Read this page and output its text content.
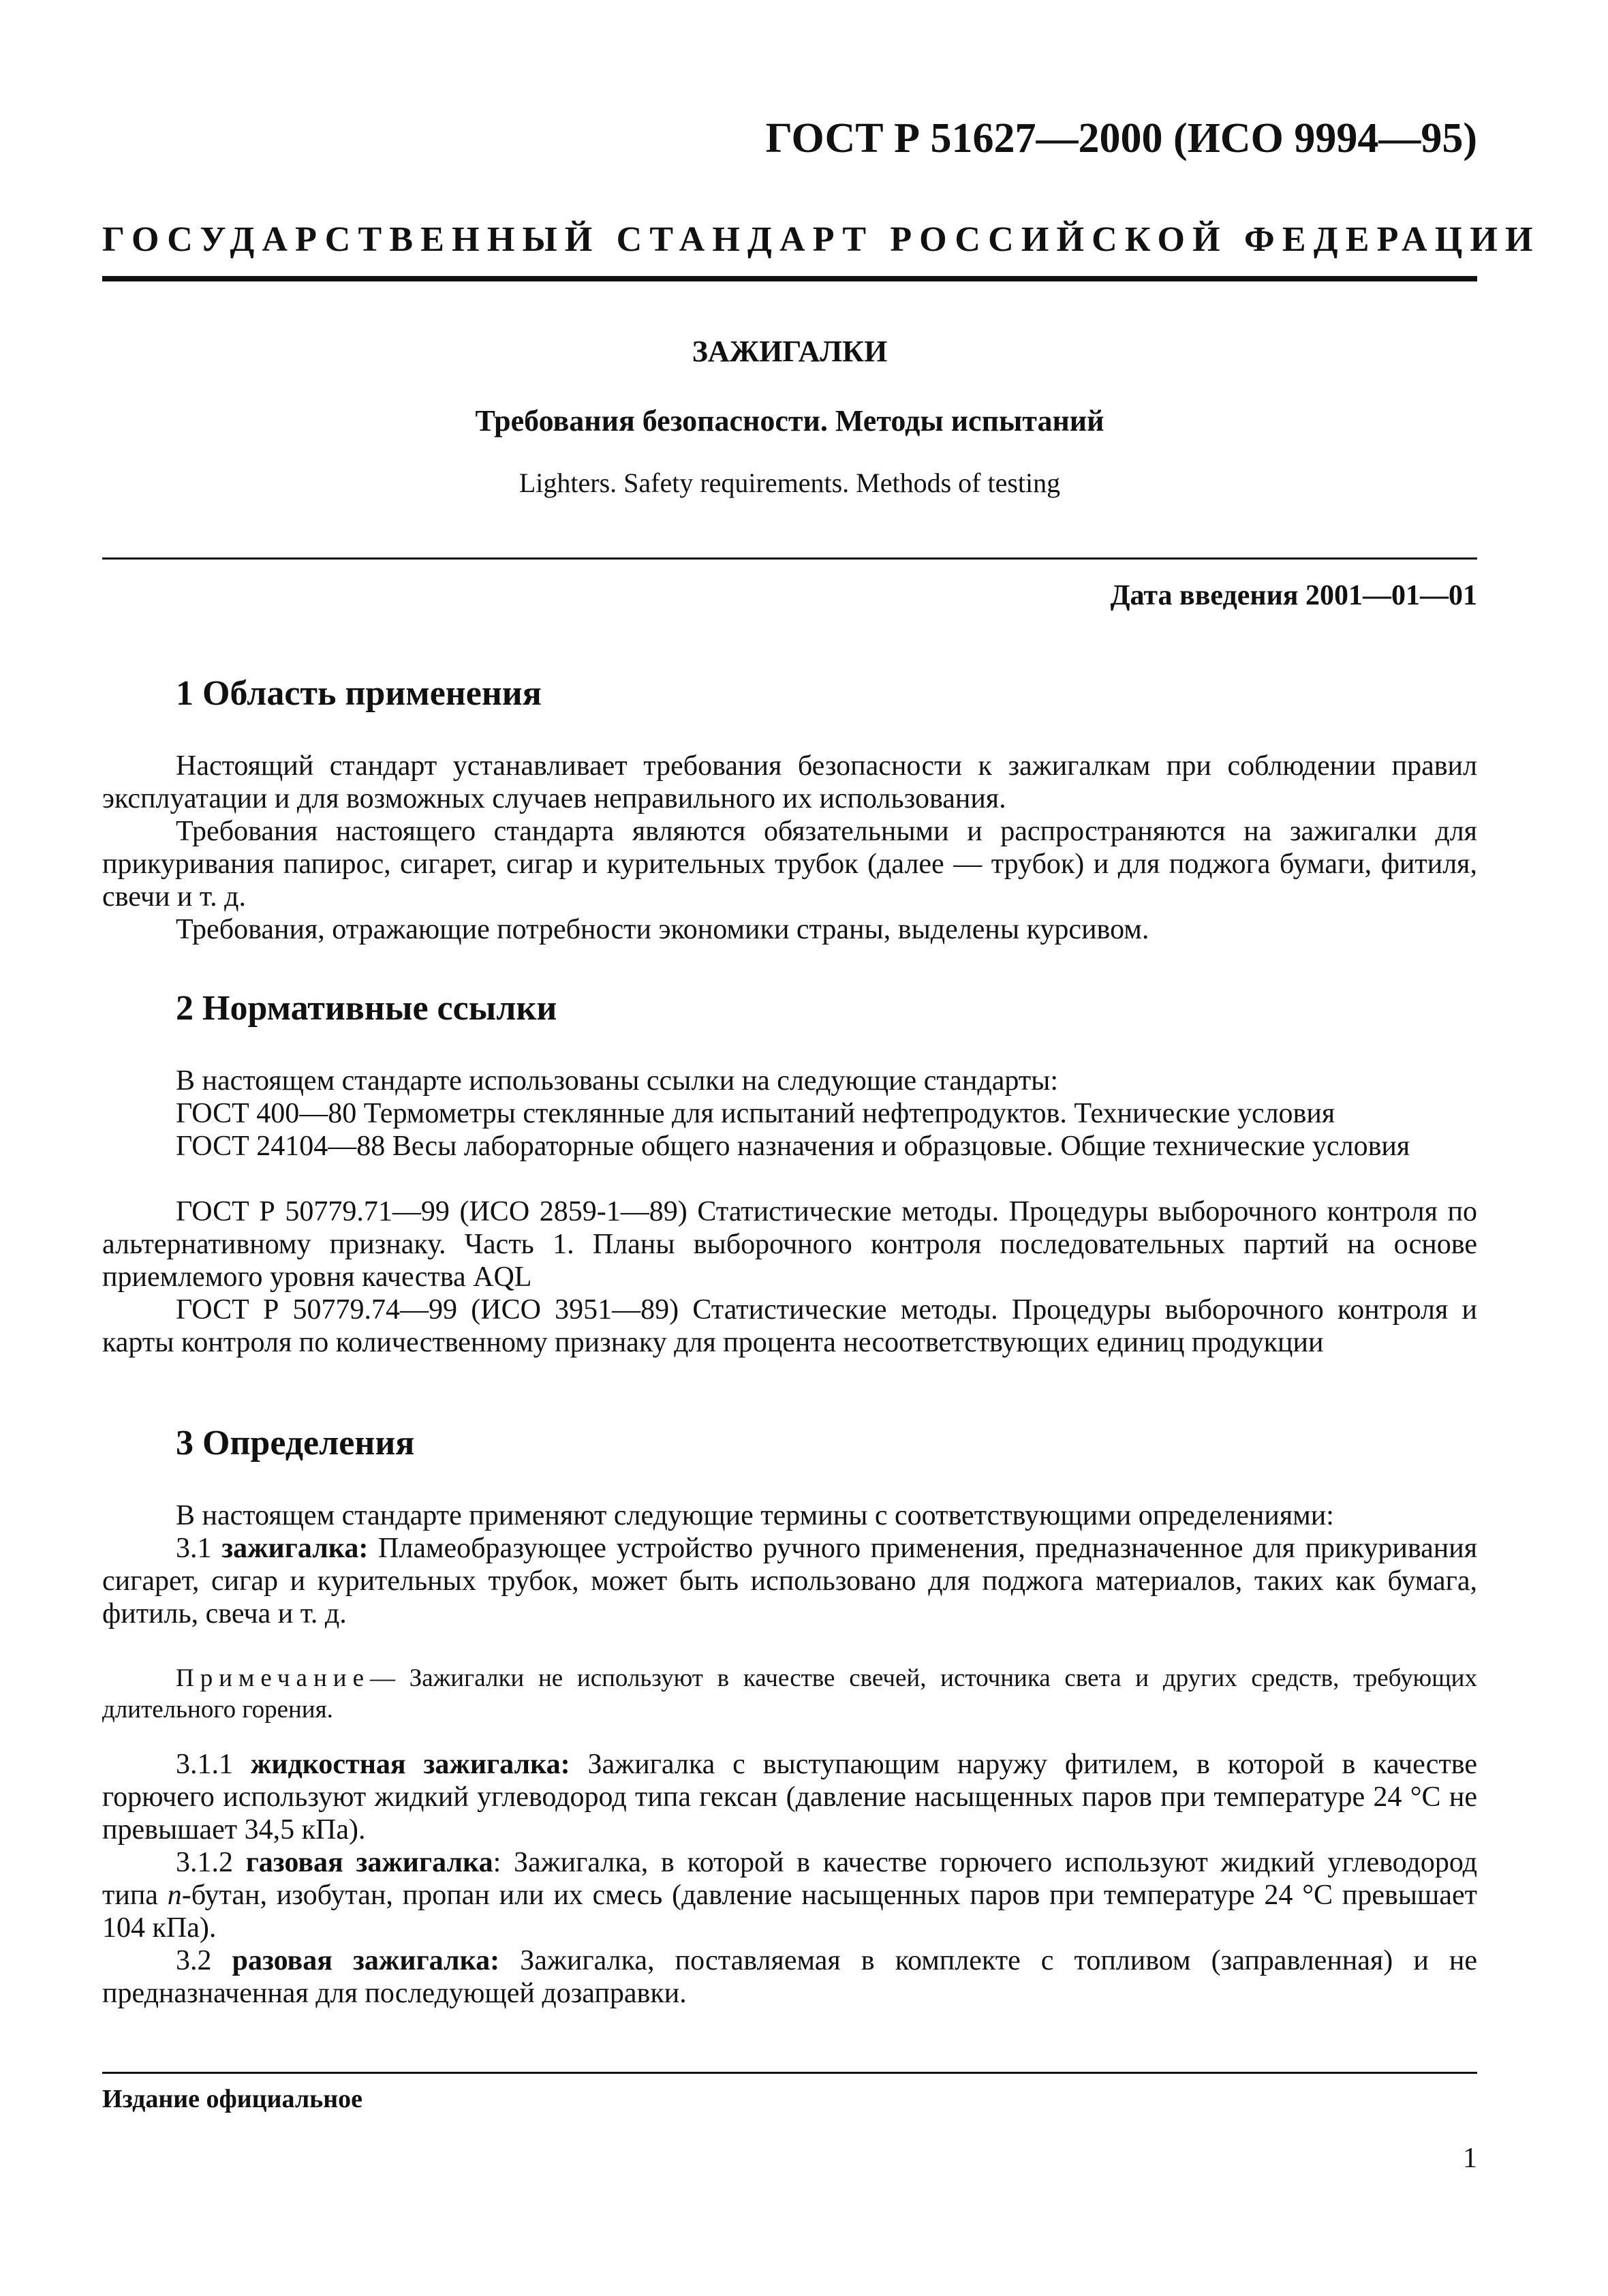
ГОСТ Р 51627—2000 (ИСО 9994—95)
ГОСУДАРСТВЕННЫЙ СТАНДАРТ РОССИЙСКОЙ ФЕДЕРАЦИИ
ЗАЖИГАЛКИ
Требования безопасности. Методы испытаний
Lighters. Safety requirements. Methods of testing
Дата введения 2001—01—01
1 Область применения
Настоящий стандарт устанавливает требования безопасности к зажигалкам при соблюдении правил эксплуатации и для возможных случаев неправильного их использования.
Требования настоящего стандарта являются обязательными и распространяются на зажигалки для прикуривания папирос, сигарет, сигар и курительных трубок (далее — трубок) и для поджога бумаги, фитиля, свечи и т. д.
Требования, отражающие потребности экономики страны, выделены курсивом.
2 Нормативные ссылки
В настоящем стандарте использованы ссылки на следующие стандарты:
ГОСТ 400—80 Термометры стеклянные для испытаний нефтепродуктов. Технические условия
ГОСТ 24104—88 Весы лабораторные общего назначения и образцовые. Общие технические условия
ГОСТ Р 50779.71—99 (ИСО 2859-1—89) Статистические методы. Процедуры выборочного контроля по альтернативному признаку. Часть 1. Планы выборочного контроля последовательных партий на основе приемлемого уровня качества AQL
ГОСТ Р 50779.74—99 (ИСО 3951—89) Статистические методы. Процедуры выборочного контроля и карты контроля по количественному признаку для процента несоответствующих единиц продукции
3 Определения
В настоящем стандарте применяют следующие термины с соответствующими определениями:
3.1 зажигалка: Пламеобразующее устройство ручного применения, предназначенное для прикуривания сигарет, сигар и курительных трубок, может быть использовано для поджога материалов, таких как бумага, фитиль, свеча и т. д.
Примечание— Зажигалки не используют в качестве свечей, источника света и других средств, требующих длительного горения.
3.1.1 жидкостная зажигалка: Зажигалка с выступающим наружу фитилем, в которой в качестве горючего используют жидкий углеводород типа гексан (давление насыщенных паров при температуре 24 °С не превышает 34,5 кПа).
3.1.2 газовая зажигалка: Зажигалка, в которой в качестве горючего используют жидкий углеводород типа n-бутан, изобутан, пропан или их смесь (давление насыщенных паров при температуре 24 °С превышает 104 кПа).
3.2 разовая зажигалка: Зажигалка, поставляемая в комплекте с топливом (заправленная) и не предназначенная для последующей дозаправки.
Издание официальное
1
